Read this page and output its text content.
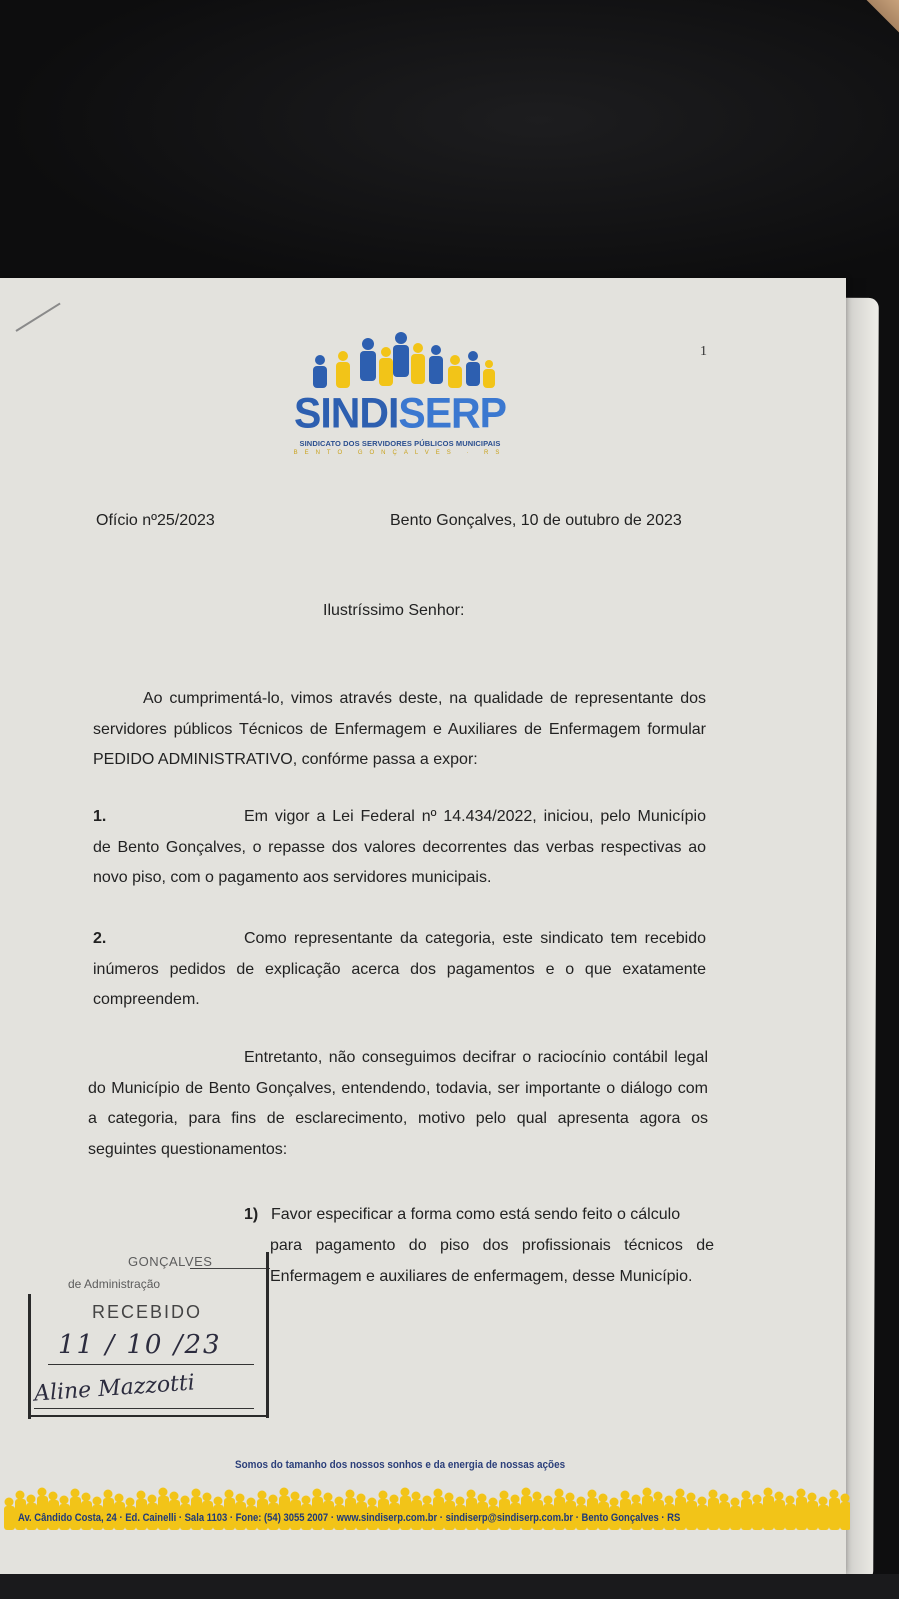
1
SINDISERP
SINDICATO DOS SERVIDORES PÚBLICOS MUNICIPAIS
BENTO GONÇALVES · RS
Ofício nº25/2023	Bento Gonçalves, 10 de outubro de 2023
Ilustríssimo Senhor:
Ao cumprimentá-lo, vimos através deste, na qualidade de representante dos servidores públicos Técnicos de Enfermagem e Auxiliares de Enfermagem formular PEDIDO ADMINISTRATIVO, confórme passa a expor:
1.	Em vigor a Lei Federal nº 14.434/2022, iniciou, pelo Município de Bento Gonçalves, o repasse dos valores decorrentes das verbas respectivas ao novo piso, com o pagamento aos servidores municipais.
2.	Como representante da categoria, este sindicato tem recebido inúmeros pedidos de explicação acerca dos pagamentos e o que exatamente compreendem.
Entretanto, não conseguimos decifrar o raciocínio contábil legal do Município de Bento Gonçalves, entendendo, todavia, ser importante o diálogo com a categoria, para fins de esclarecimento, motivo pelo qual apresenta agora os seguintes questionamentos:
1) Favor especificar a forma como está sendo feito o cálculo
para pagamento do piso dos profissionais técnicos de Enfermagem e auxiliares de enfermagem, desse Município.
GONÇALVES
de Administração
RECEBIDO
11 / 10 /23
Aline Mazzotti
Somos do tamanho dos nossos sonhos e da energia de nossas ações
Av. Cândido Costa, 24 · Ed. Cainelli · Sala 1103 · Fone: (54) 3055 2007 · www.sindiserp.com.br · sindiserp@sindiserp.com.br · Bento Gonçalves · RS
